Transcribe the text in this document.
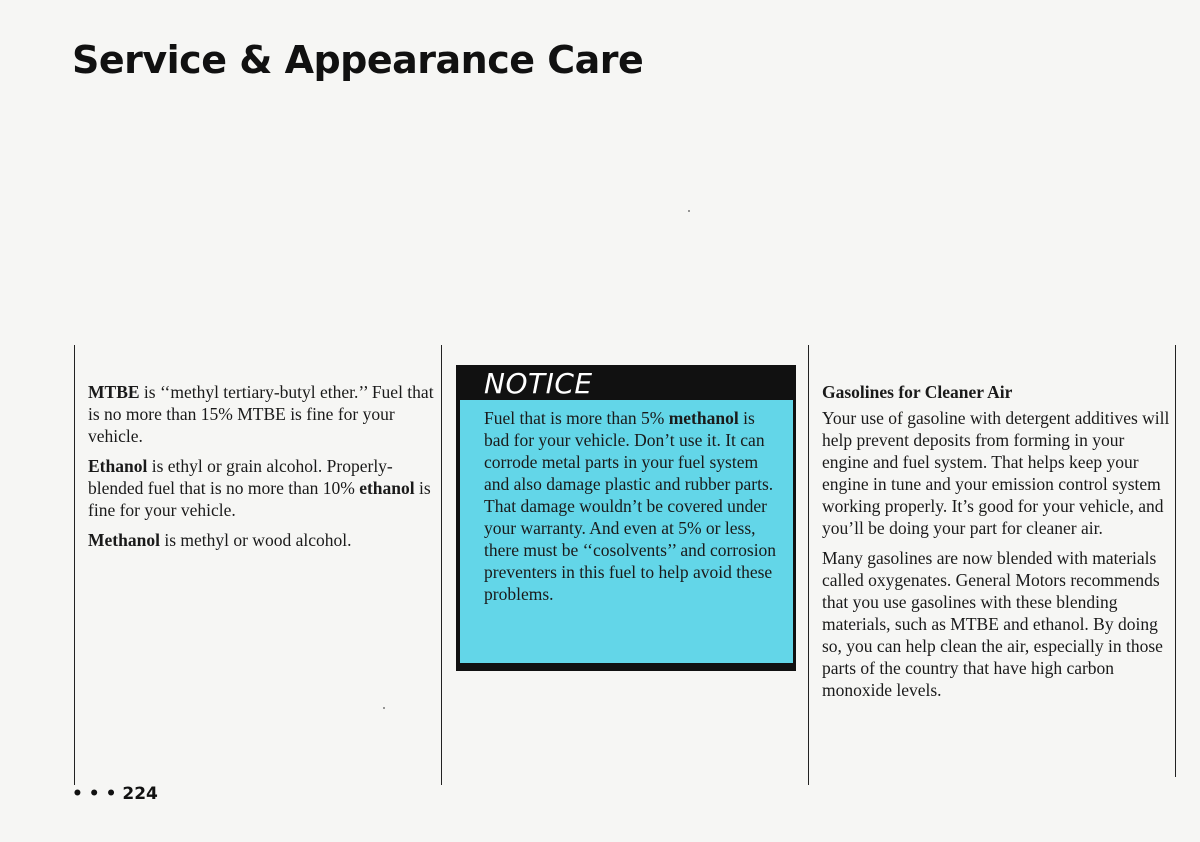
Service & Appearance Care

MTBE is ‘‘methyl tertiary-butyl ether.’’ Fuel that is no more than 15% MTBE is fine for your vehicle.

Ethanol is ethyl or grain alcohol. Properly-blended fuel that is no more than 10% ethanol is fine for your vehicle.

Methanol is methyl or wood alcohol.

NOTICE
Fuel that is more than 5% methanol is bad for your vehicle. Don’t use it. It can corrode metal parts in your fuel system and also damage plastic and rubber parts. That damage wouldn’t be covered under your warranty. And even at 5% or less, there must be ‘‘cosolvents’’ and corrosion preventers in this fuel to help avoid these problems.

Gasolines for Cleaner Air

Your use of gasoline with detergent additives will help prevent deposits from forming in your engine and fuel system. That helps keep your engine in tune and your emission control system working properly. It’s good for your vehicle, and you’ll be doing your part for cleaner air.

Many gasolines are now blended with materials called oxygenates. General Motors recommends that you use gasolines with these blending materials, such as MTBE and ethanol. By doing so, you can help clean the air, especially in those parts of the country that have high carbon monoxide levels.

• • • 224
